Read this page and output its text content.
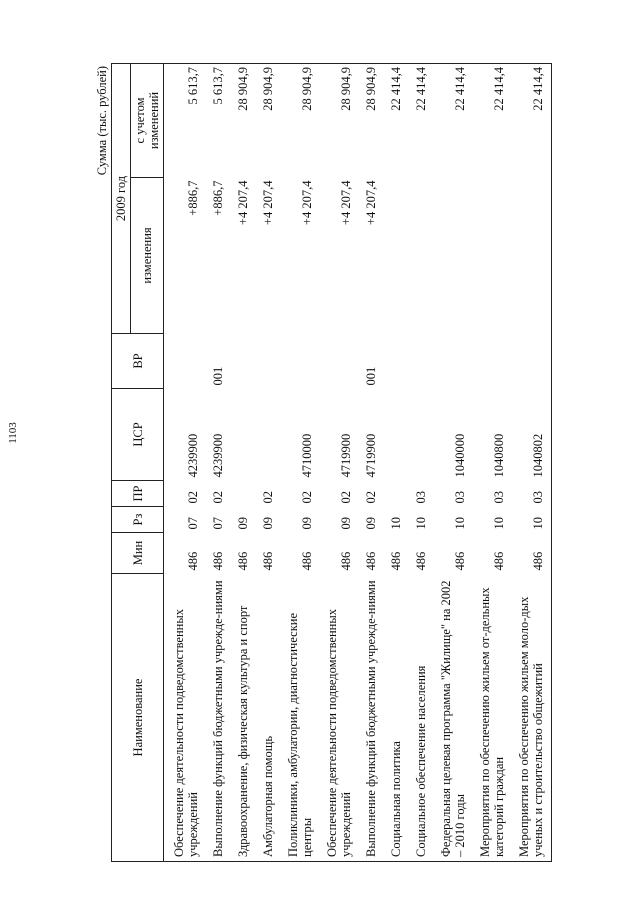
1103
Сумма (тыс. рублей)
Наименование	Мин	Рз	ПР	ЦСР	ВР	2009 год	
						изменения	с учетом
изменений
Обеспечение деятельности подведомственных учреждений	486	07	02	4239900		+886,7	5 613,7
Выполнение функций бюджетными учрежде-ниями	486	07	02	4239900	001	+886,7	5 613,7
Здравоохранение, физическая культура и спорт	486	09				+4 207,4	28 904,9
Амбулаторная помощь	486	09	02			+4 207,4	28 904,9
Поликлиники, амбулатории, диагностические центры	486	09	02	4710000		+4 207,4	28 904,9
Обеспечение деятельности подведомственных учреждений	486	09	02	4719900		+4 207,4	28 904,9
Выполнение функций бюджетными учрежде-ниями	486	09	02	4719900	001	+4 207,4	28 904,9
Социальная политика	486	10					22 414,4
Социальное обеспечение населения	486	10	03				22 414,4
Федеральная целевая программа "Жилище" на 2002 – 2010 годы	486	10	03	1040000			22 414,4
Мероприятия по обеспечению жильем от-дельных категорий граждан	486	10	03	1040800			22 414,4
Мероприятия по обеспечению жильем моло-дых ученых и строительство общежитий	486	10	03	1040802			22 414,4
